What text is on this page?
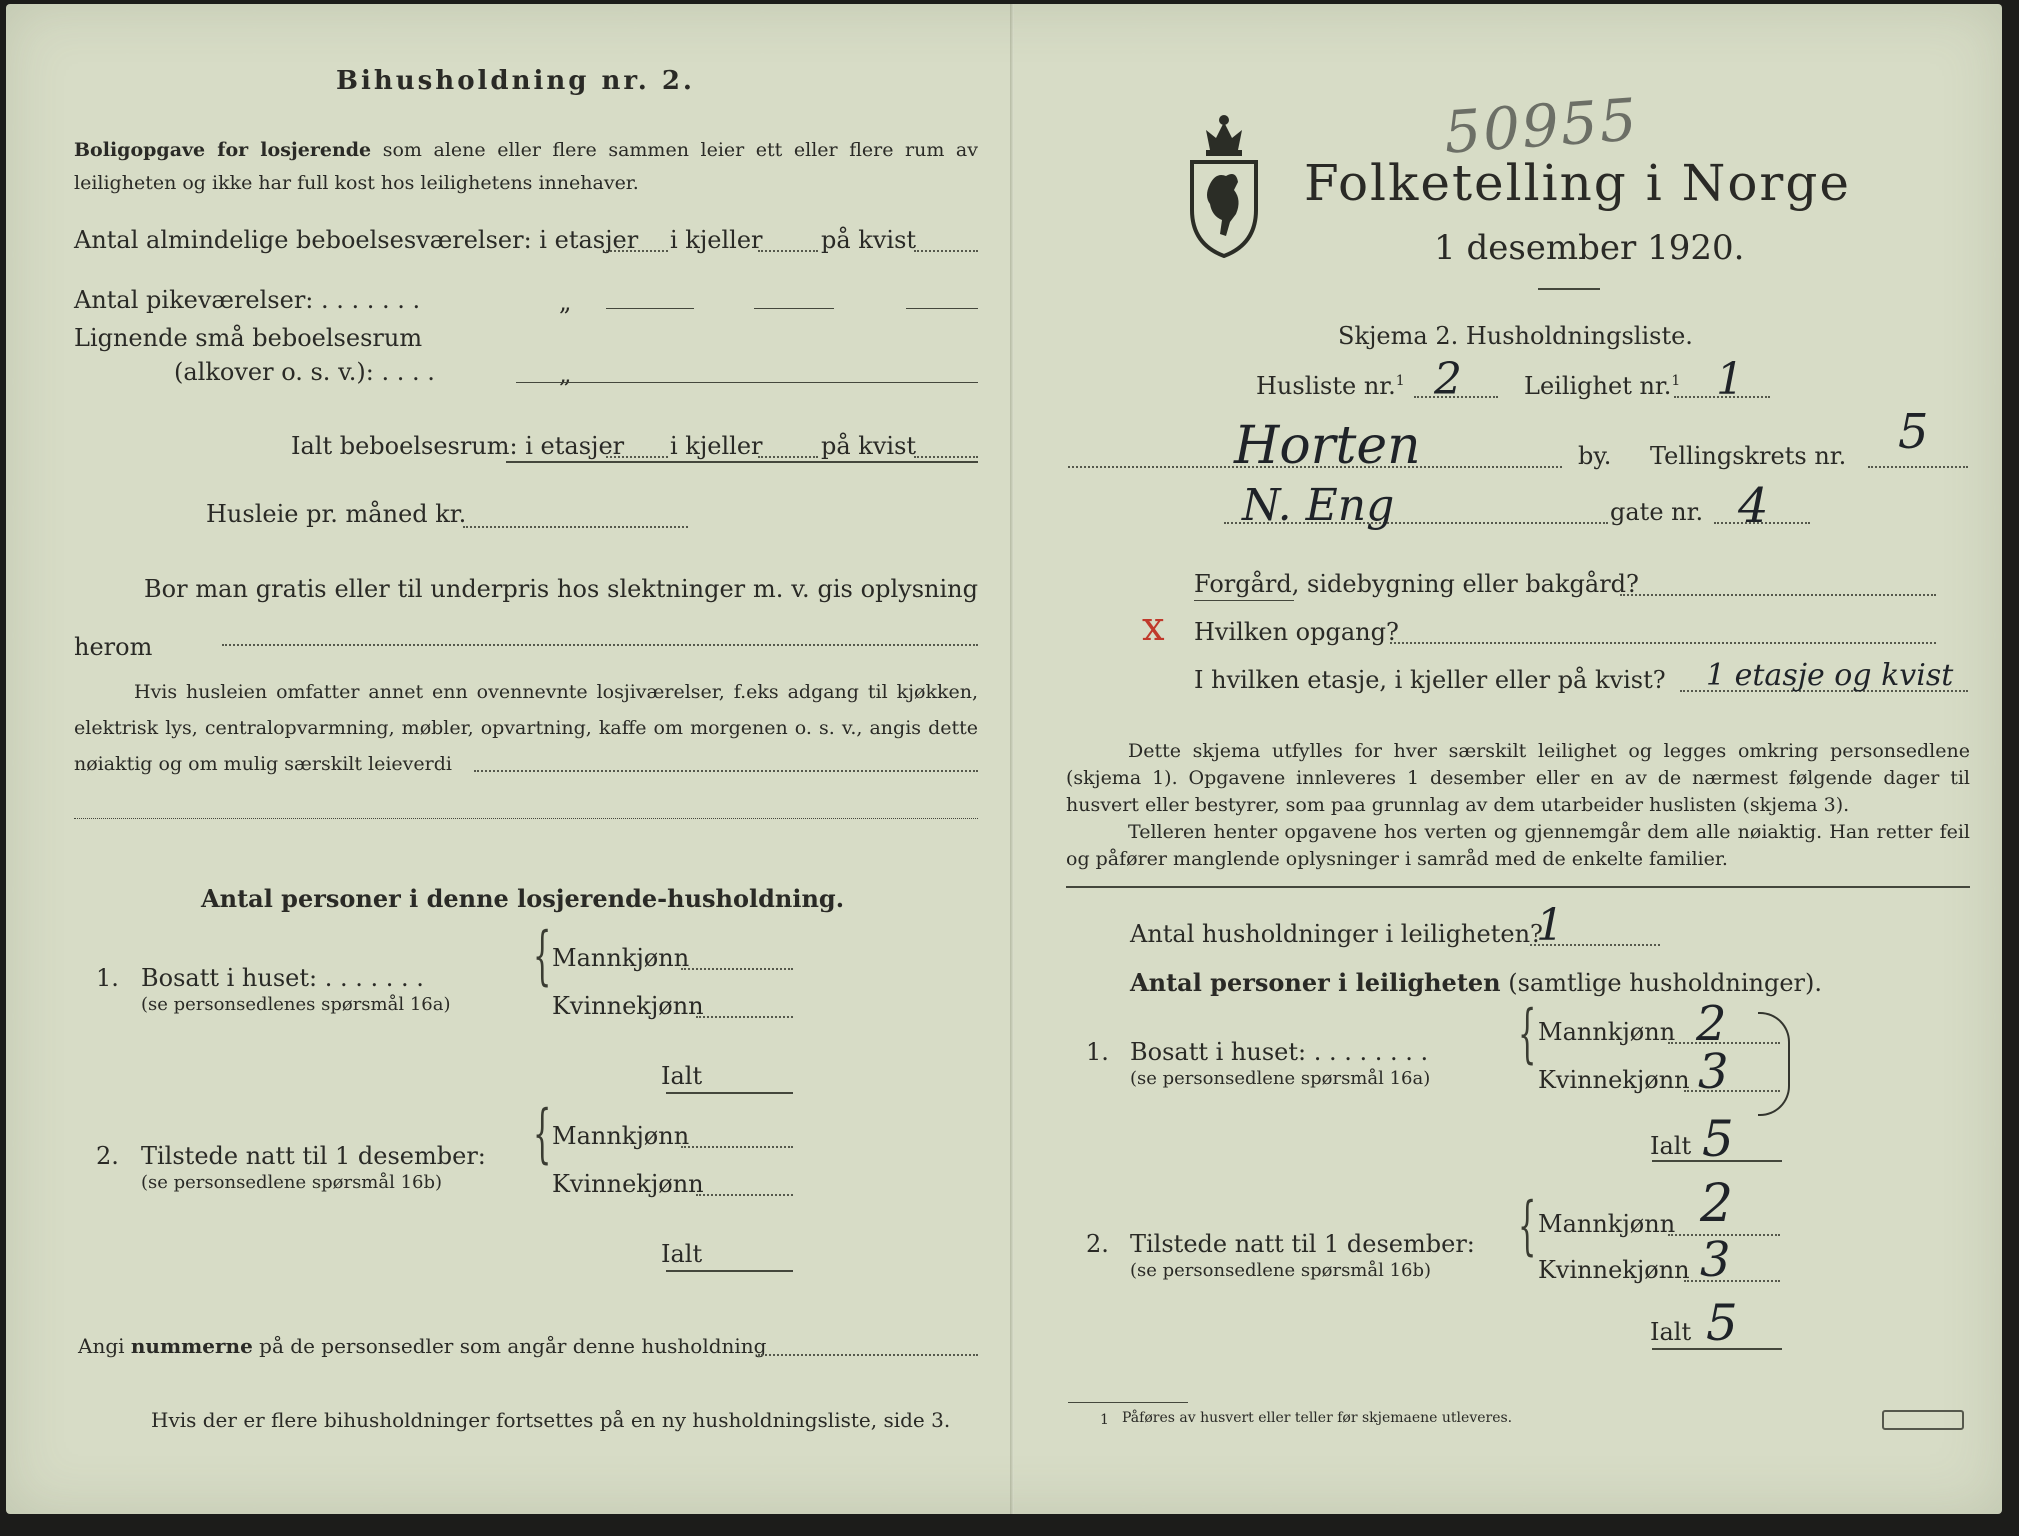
Bihusholdning nr. 2.
Boligopgave for losjerende som alene eller flere sammen leier ett eller flere rum av leiligheten og ikke har full kost hos leilighetens innehaver.
Antal almindelige beboelsesværelser: i etasjer i kjeller på kvist
Antal pikeværelser: . . . . . . .	„
Lignende små beboelsesrum
(alkover o. s. v.): . . . .	„
Ialt beboelsesrum: i etasjer i kjeller på kvist
Husleie pr. måned kr.
Bor man gratis eller til underpris hos slektninger m. v. gis oplysning herom
Hvis husleien omfatter annet enn ovennevnte losjiværelser, f.eks adgang til kjøkken, elektrisk lys, centralopvarmning, møbler, opvartning, kaffe om morgenen o. s. v., angis dette nøiaktig og om mulig særskilt leieverdi
Antal personer i denne losjerende-husholdning.
1. Bosatt i huset: . . . . . . .
(se personsedlenes spørsmål 16a)
{ Mannkjønn
Kvinnekjønn
Ialt
2. Tilstede natt til 1 desember:
(se personsedlene spørsmål 16b)
{ Mannkjønn
Kvinnekjønn
Ialt
Angi nummerne på de personsedler som angår denne husholdning
Hvis der er flere bihusholdninger fortsettes på en ny husholdningsliste, side 3.
50955
Folketelling i Norge
1 desember 1920.
Skjema 2. Husholdningsliste.
Husliste nr.$^1$ 2	Leilighet nr.$^1$ 1
Horten	by. Tellingskrets nr. 5
N. Eng	gate nr. 4
Forgård, sidebygning eller bakgård?
x Hvilken opgang?
I hvilken etasje, i kjeller eller på kvist? 1 etasje og kvist
Dette skjema utfylles for hver særskilt leilighet og legges omkring personsedlene (skjema 1). Opgavene innleveres 1 desember eller en av de nærmest følgende dager til husvert eller bestyrer, som paa grunnlag av dem utarbeider huslisten (skjema 3).
Telleren henter opgavene hos verten og gjennemgår dem alle nøiaktig. Han retter feil og påfører manglende oplysninger i samråd med de enkelte familier.
Antal husholdninger i leiligheten?
1
Antal personer i leiligheten (samtlige husholdninger).
1. Bosatt i huset: . . . . . . . .
(se personsedlene spørsmål 16a)
{ Mannkjønn 2
Kvinnekjønn 3
Ialt 5
2. Tilstede natt til 1 desember:
(se personsedlene spørsmål 16b)
{ Mannkjønn 2
Kvinnekjønn 3
Ialt 5
1 Påføres av husvert eller teller før skjemaene utleveres.
